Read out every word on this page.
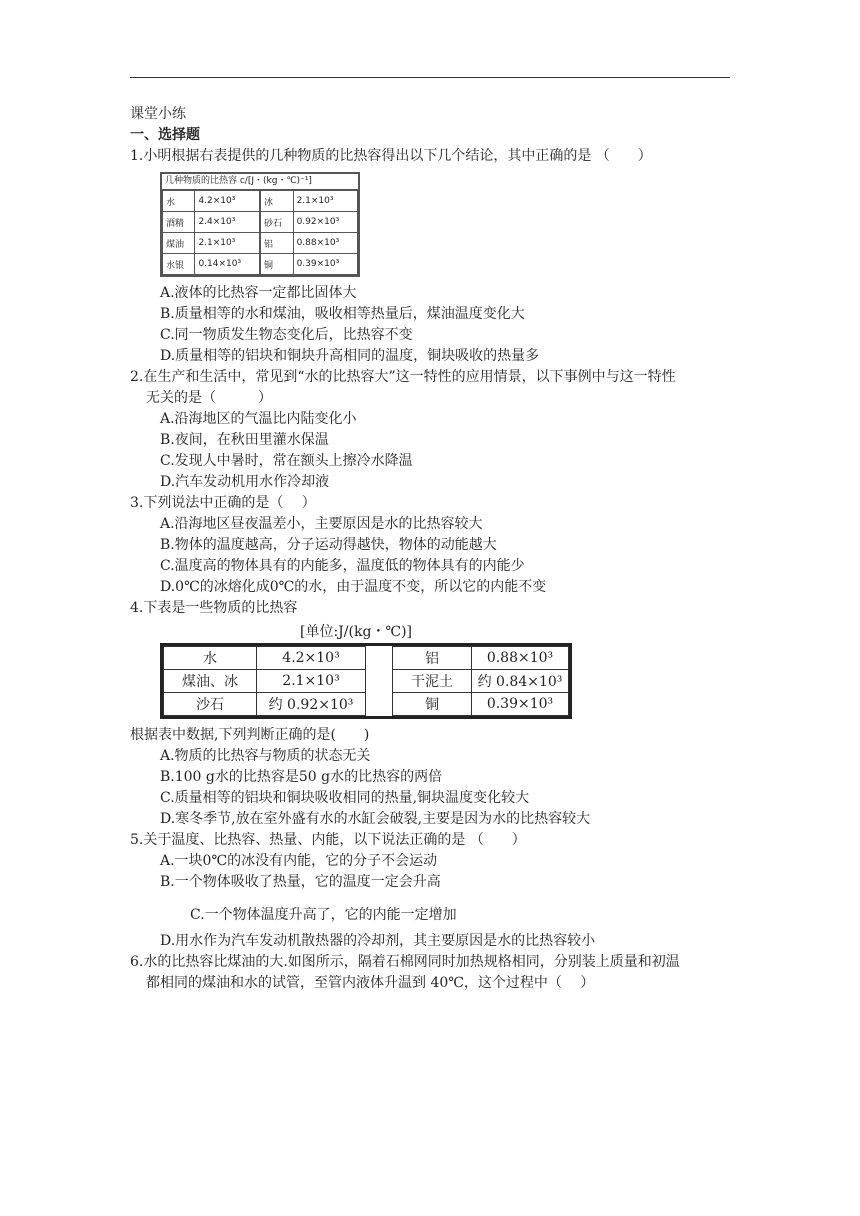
课堂小练
一、选择题
1.小明根据右表提供的几种物质的比热容得出以下几个结论，其中正确的是 （　　）
几种物质的比热容 c/[J・(kg・℃)⁻¹]
水	4.2×10³	冰	2.1×10³
酒精	2.4×10³	砂石	0.92×10³
煤油	2.1×10³	铝	0.88×10³
水银	0.14×10³	铜	0.39×10³
A.液体的比热容一定都比固体大
B.质量相等的水和煤油，吸收相等热量后，煤油温度变化大
C.同一物质发生物态变化后，比热容不变
D.质量相等的铝块和铜块升高相同的温度，铜块吸收的热量多
2.在生产和生活中，常见到“水的比热容大”这一特性的应用情景，以下事例中与这一特性
无关的是（　　　）
A.沿海地区的气温比内陆变化小
B.夜间，在秋田里灌水保温
C.发现人中暑时，常在额头上擦冷水降温
D.汽车发动机用水作冷却液
3.下列说法中正确的是（　 ）
A.沿海地区昼夜温差小，主要原因是水的比热容较大
B.物体的温度越高，分子运动得越快，物体的动能越大
C.温度高的物体具有的内能多，温度低的物体具有的内能少
D.0℃的冰熔化成0℃的水，由于温度不变，所以它的内能不变
4.下表是一些物质的比热容
[单位:J/(kg・℃)]
水	4.2×10³		铝	0.88×10³
煤油、冰	2.1×10³		干泥土	约 0.84×10³
沙石	约 0.92×10³		铜	0.39×10³
根据表中数据,下列判断正确的是(　　)
A.物质的比热容与物质的状态无关
B.100 g水的比热容是50 g水的比热容的两倍
C.质量相等的铝块和铜块吸收相同的热量,铜块温度变化较大
D.寒冬季节,放在室外盛有水的水缸会破裂,主要是因为水的比热容较大
5.关于温度、比热容、热量、内能，以下说法正确的是 （　　）
A.一块0℃的冰没有内能，它的分子不会运动
B.一个物体吸收了热量，它的温度一定会升高
C.一个物体温度升高了，它的内能一定增加
D.用水作为汽车发动机散热器的冷却剂，其主要原因是水的比热容较小
6.水的比热容比煤油的大.如图所示，隔着石棉网同时加热规格相同，分别装上质量和初温
都相同的煤油和水的试管，至管内液体升温到 40℃，这个过程中（　 ）
